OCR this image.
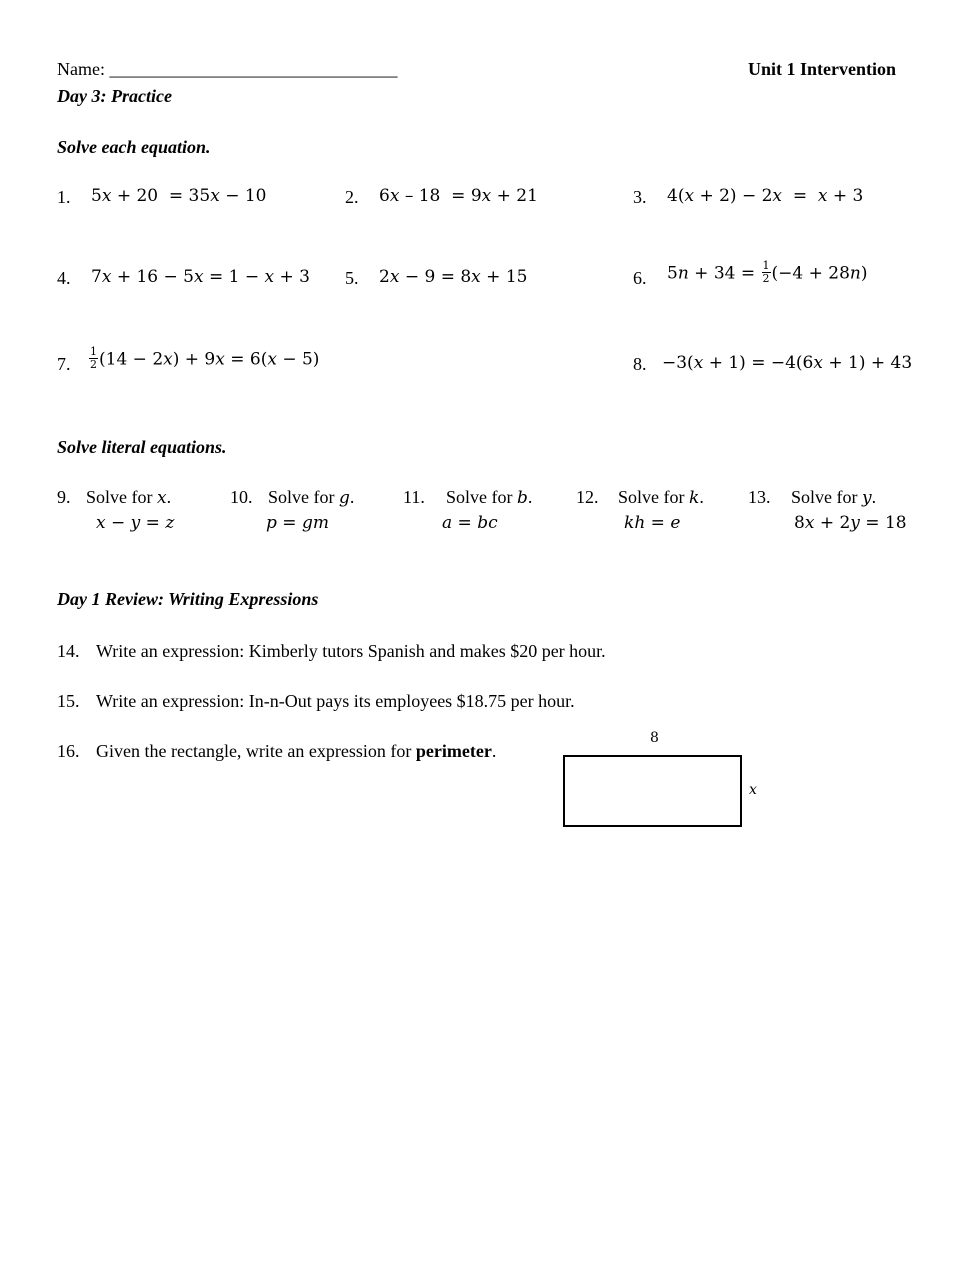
Name: ________________________________	Unit 1 Intervention
Day 3: Practice
Solve each equation.
1. 5x + 20  = 35x − 10	2. 6x – 18  = 9x + 21	3. 4(x + 2) − 2x  =  x + 3
4. 7x + 16 − 5x = 1 − x + 3 5. 2x − 9 = 8x + 15	6. $5n + 34 = \frac{1}{2} (-4 + 28n)$
7. $\frac{1}{2} (14 - 2x) + 9x = 6(x - 5)$	8. −3(x + 1) = −4(6x + 1) + 43
Solve literal equations.
9. Solve for x.
x − y = z
10. Solve for g.
p = gm
11. Solve for b.
a = bc
12. Solve for k.
kh = e
13. Solve for y.
8x + 2y = 18
Day 1 Review: Writing Expressions
14. Write an expression: Kimberly tutors Spanish and makes $20 per hour.
15. Write an expression: In-n-Out pays its employees $18.75 per hour.
16. Given the rectangle, write an expression for perimeter.
8
x
